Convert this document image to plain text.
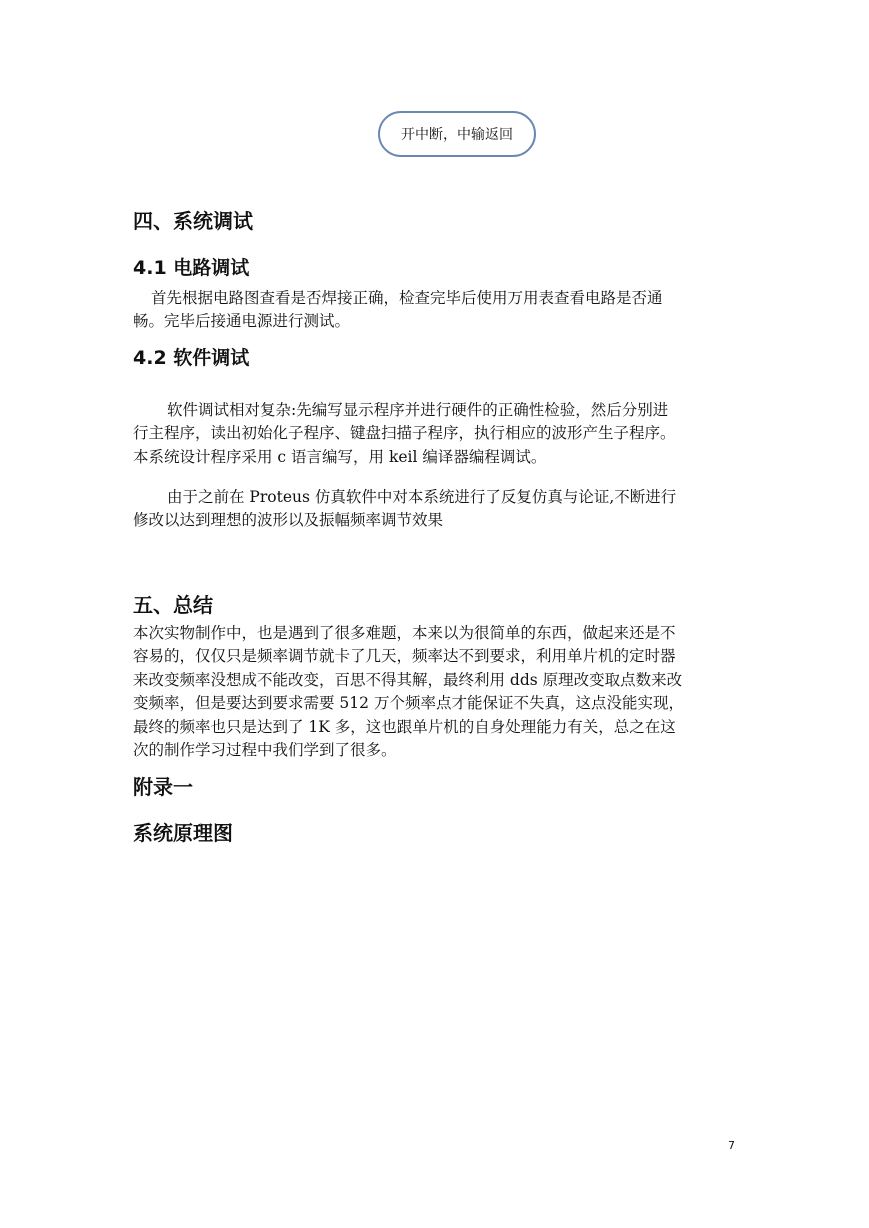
开中断，中输返回
四、系统调试
4.1 电路调试
首先根据电路图查看是否焊接正确，检查完毕后使用万用表查看电路是否通
畅。完毕后接通电源进行测试。
4.2 软件调试
软件调试相对复杂:先编写显示程序并进行硬件的正确性检验，然后分别进
行主程序，读出初始化子程序、键盘扫描子程序，执行相应的波形产生子程序。
本系统设计程序采用 c 语言编写，用 keil 编译器编程调试。
由于之前在 Proteus 仿真软件中对本系统进行了反复仿真与论证,不断进行
修改以达到理想的波形以及振幅频率调节效果
五、总结
本次实物制作中，也是遇到了很多难题，本来以为很简单的东西，做起来还是不
容易的，仅仅只是频率调节就卡了几天，频率达不到要求，利用单片机的定时器
来改变频率没想成不能改变，百思不得其解，最终利用 dds 原理改变取点数来改
变频率，但是要达到要求需要 512 万个频率点才能保证不失真，这点没能实现，
最终的频率也只是达到了 1K 多，这也跟单片机的自身处理能力有关，总之在这
次的制作学习过程中我们学到了很多。
附录一
系统原理图
7
